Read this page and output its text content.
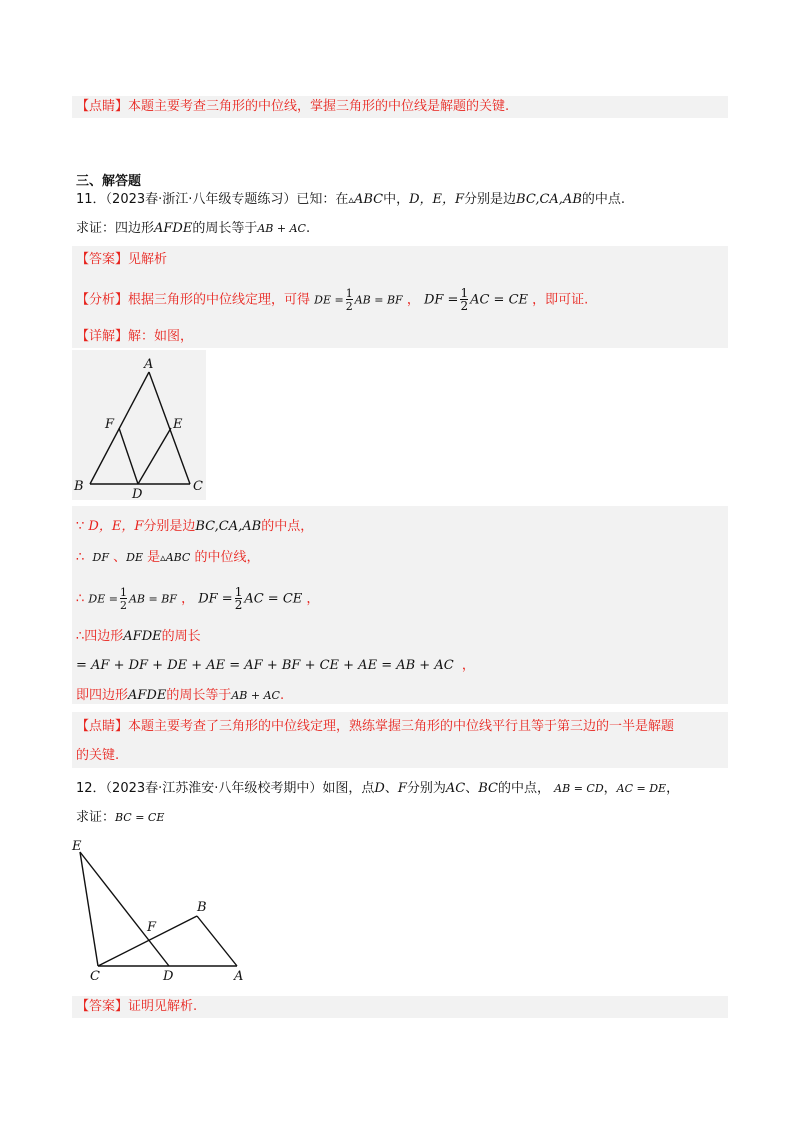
【点睛】本题主要考查三角形的中位线，掌握三角形的中位线是解题的关键.
三、解答题
11．（2023春·浙江·八年级专题练习）已知：在▵ABC中，D，E，F分别是边BC,CA,AB的中点.
求证：四边形AFDE的周长等于AB + AC.
【答案】见解析
【分析】根据三角形的中位线定理，可得 DE = $\frac{1}{2}$ AB = BF ， DF = $\frac{1}{2}$ AC = CE ，即可证.
【详解】解：如图，
A
F	E
B
D
C
∵ D，E，F分别是边BC,CA,AB的中点，
∴ DF 、DE 是▵ABC 的中位线，
∴ DE = $\frac{1}{2}$ AB = BF ， DF = $\frac{1}{2}$ AC = CE ，
∴四边形AFDE的周长
= AF + DF + DE + AE = AF + BF + CE + AE = AB + AC ，
即四边形AFDE的周长等于AB + AC.
【点睛】本题主要考查了三角形的中位线定理，熟练掌握三角形的中位线平行且等于第三边的一半是解题
的关键.
12．（2023春·江苏淮安·八年级校考期中）如图，点D、F分别为AC、BC的中点， AB = CD，AC = DE，
求证：BC = CE
E
B
F
C	D	A
【答案】证明见解析.
